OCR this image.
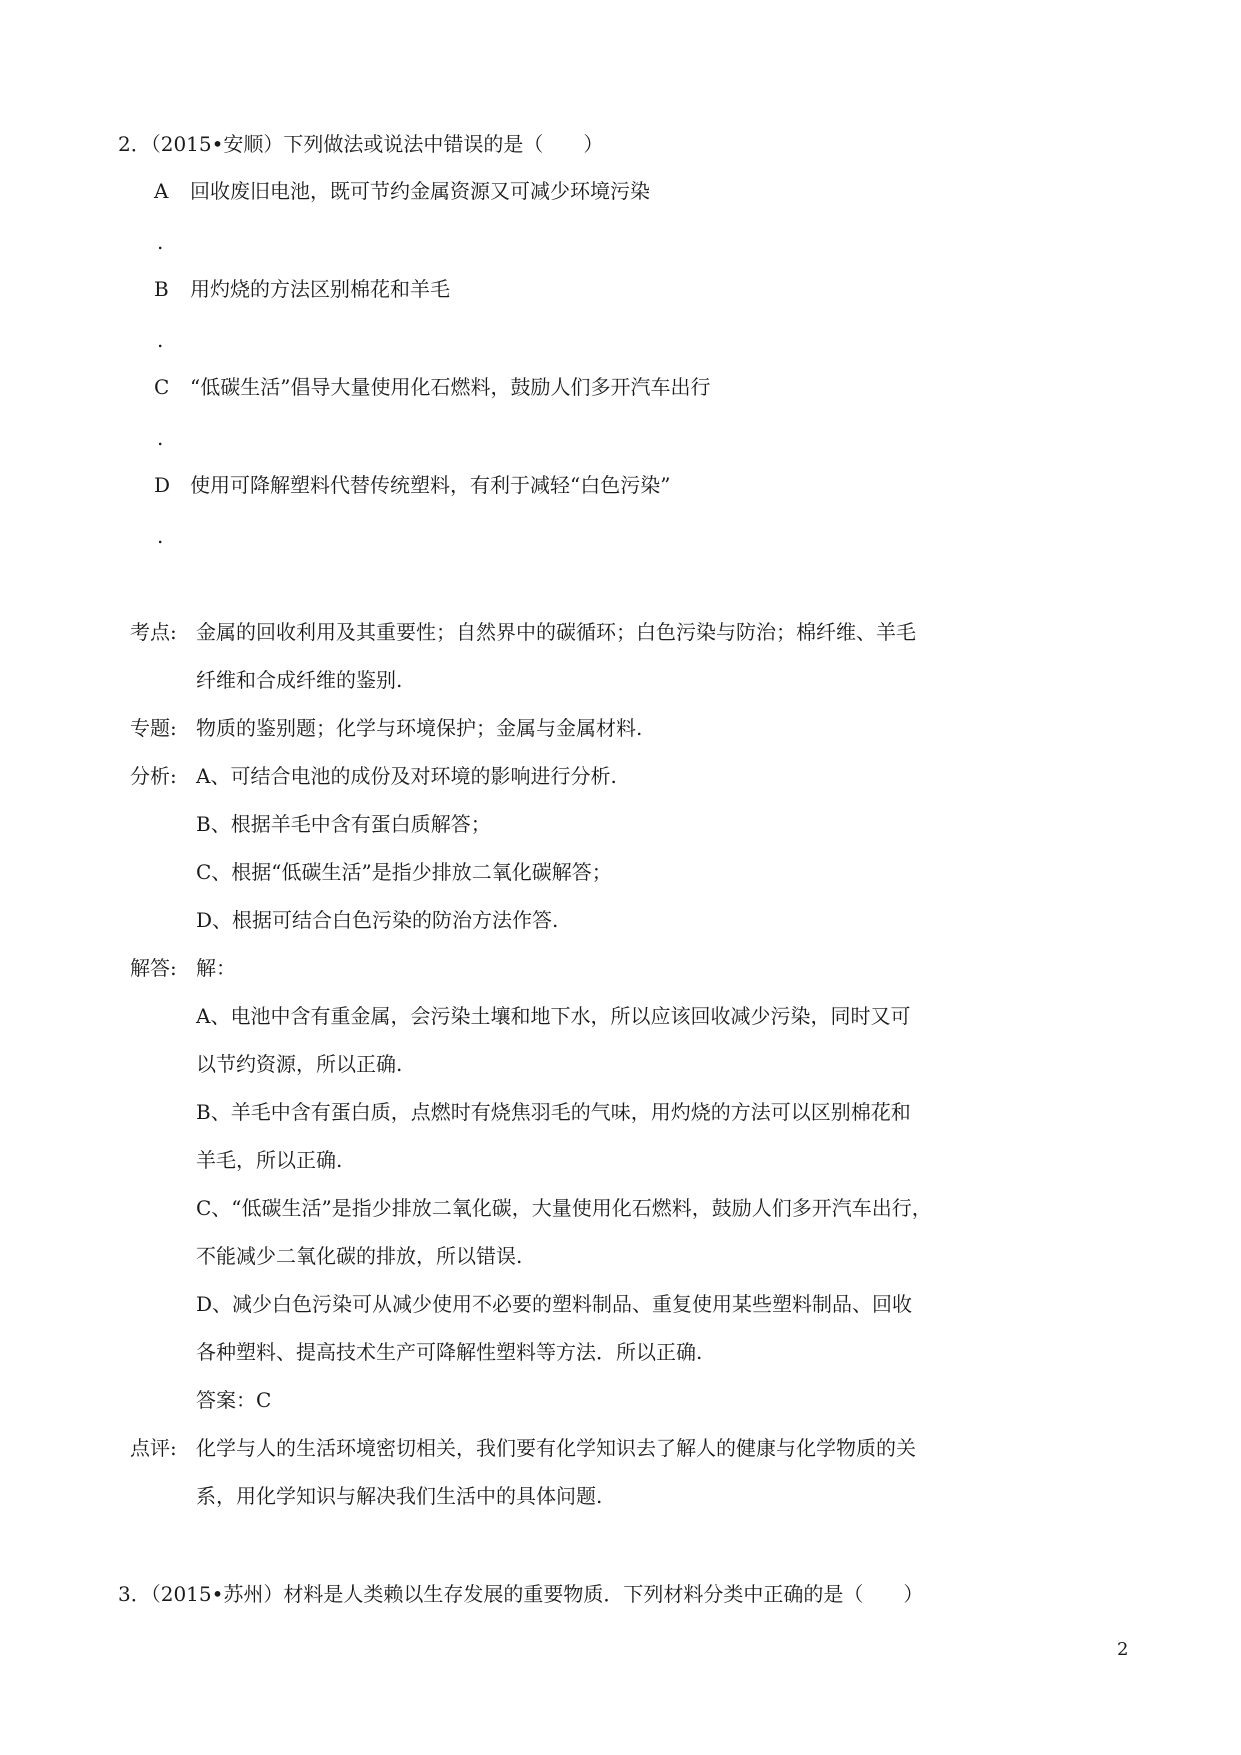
2．（2015•安顺）下列做法或说法中错误的是（　　）
A 回收废旧电池，既可节约金属资源又可减少环境污染
.
B 用灼烧的方法区别棉花和羊毛
.
C “低碳生活”倡导大量使用化石燃料，鼓励人们多开汽车出行
.
D 使用可降解塑料代替传统塑料，有利于减轻“白色污染”
.
考点: 金属的回收利用及其重要性；自然界中的碳循环；白色污染与防治；棉纤维、羊毛
纤维和合成纤维的鉴别.
专题: 物质的鉴别题；化学与环境保护；金属与金属材料.
分析: A、可结合电池的成份及对环境的影响进行分析.
B、根据羊毛中含有蛋白质解答；
C、根据“低碳生活”是指少排放二氧化碳解答；
D、根据可结合白色污染的防治方法作答.
解答: 解：
A、电池中含有重金属，会污染土壤和地下水，所以应该回收减少污染，同时又可
以节约资源，所以正确.
B、羊毛中含有蛋白质，点燃时有烧焦羽毛的气味，用灼烧的方法可以区别棉花和
羊毛，所以正确.
C、“低碳生活”是指少排放二氧化碳，大量使用化石燃料，鼓励人们多开汽车出行，
不能减少二氧化碳的排放，所以错误.
D、减少白色污染可从减少使用不必要的塑料制品、重复使用某些塑料制品、回收
各种塑料、提高技术生产可降解性塑料等方法．所以正确.
答案：C
点评: 化学与人的生活环境密切相关，我们要有化学知识去了解人的健康与化学物质的关
系，用化学知识与解决我们生活中的具体问题.
3．（2015•苏州）材料是人类赖以生存发展的重要物质．下列材料分类中正确的是（　　）
2
